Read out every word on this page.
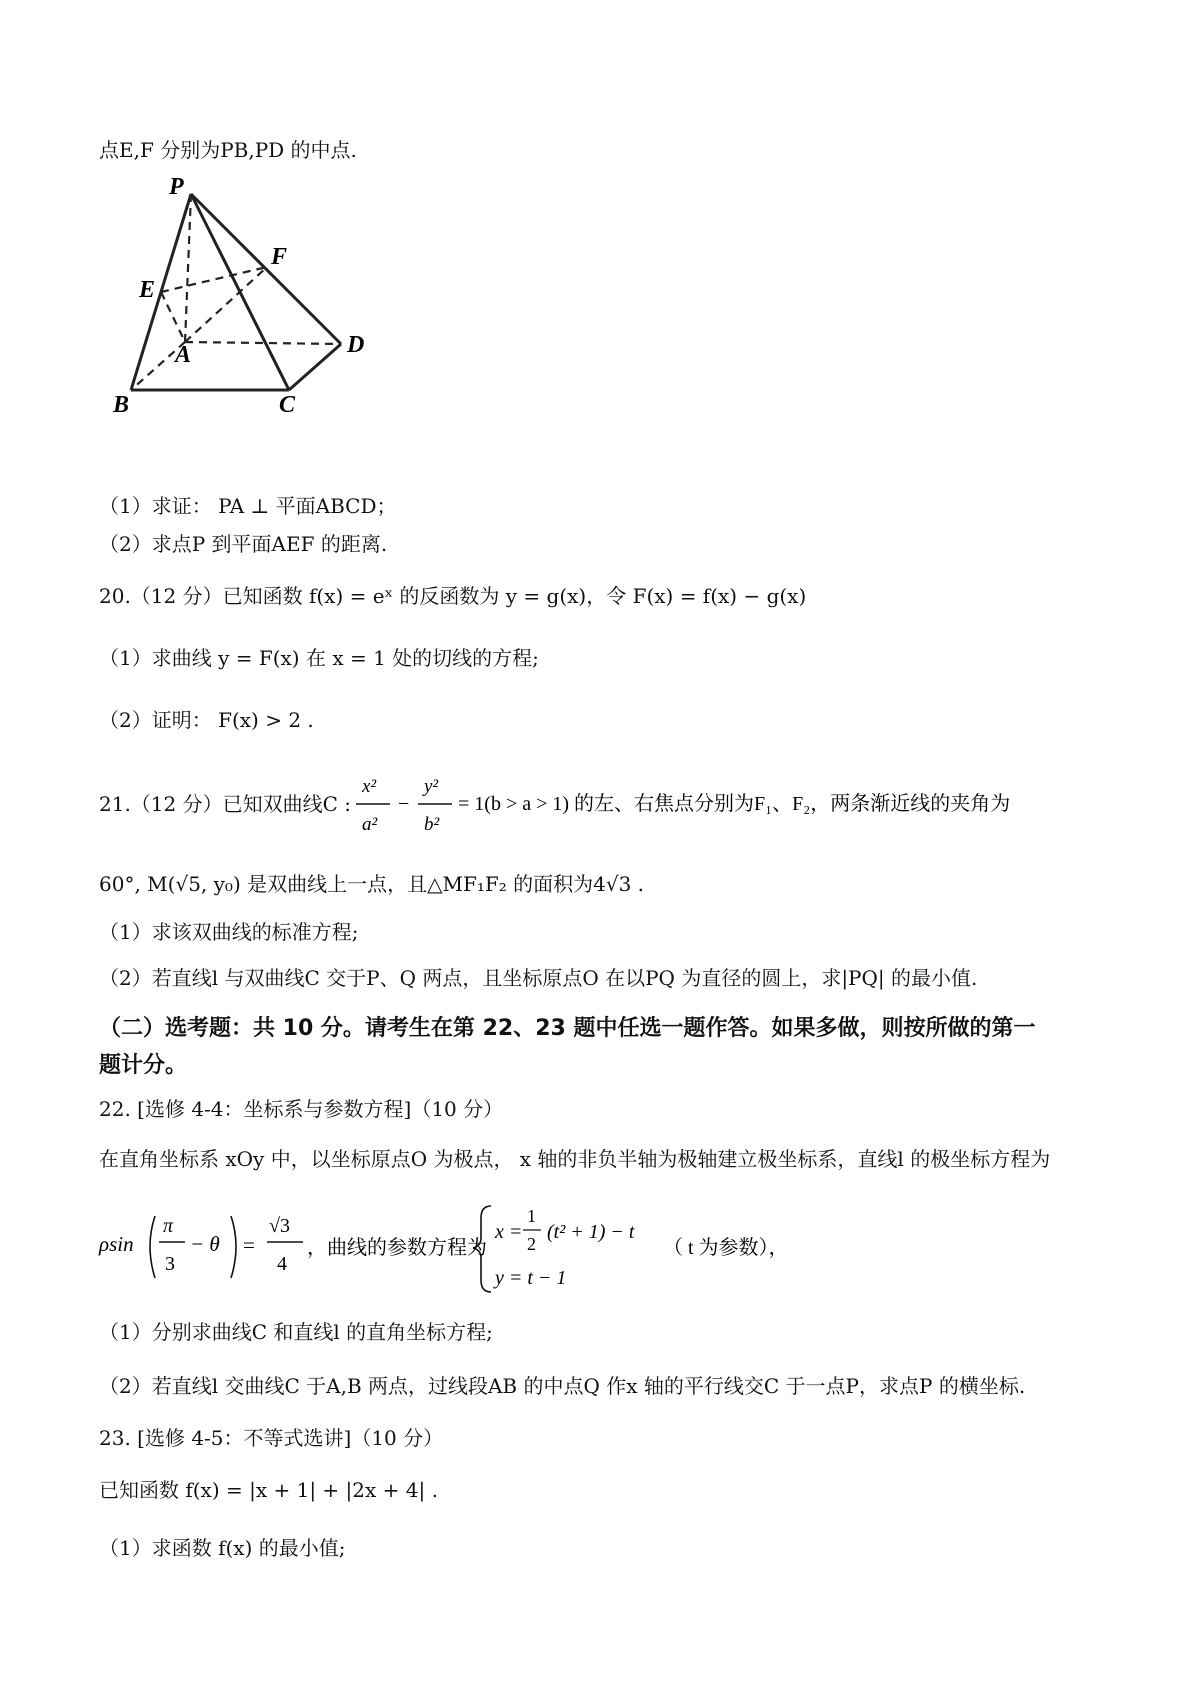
点E,F 分别为PB,PD 的中点.
P
F
E
A	D
B	C
（1）求证： PA ⊥ 平面ABCD；
（2）求点P 到平面AEF 的距离.
20.（12 分）已知函数 f(x) = eˣ 的反函数为 y = g(x)，令 F(x) = f(x) − g(x)
（1）求曲线 y = F(x) 在 x = 1 处的切线的方程;
（2）证明： F(x) > 2 .
21.（12 分）已知双曲线C :
x²
a²
−
y²
b²
= 1(b > a > 1) 的左、右焦点分别为F₁、F₂，两条渐近线的夹角为
60°, M(√5, y₀) 是双曲线上一点，且△MF₁F₂ 的面积为4√3 .
（1）求该双曲线的标准方程;
（2）若直线l 与双曲线C 交于P、Q 两点，且坐标原点O 在以PQ 为直径的圆上，求|PQ| 的最小值.
（二）选考题：共 10 分。请考生在第 22、23 题中任选一题作答。如果多做，则按所做的第一
题计分。
22. [选修 4-4：坐标系与参数方程]（10 分）
在直角坐标系 xOy 中，以坐标原点O 为极点， x 轴的非负半轴为极轴建立极坐标系，直线l 的极坐标方程为
ρsin
π
3
− θ =
√3
4
，曲线的参数方程为
x =
1
2
(t² + 1) − t
y = t − 1
（ t 为参数），
（1）分别求曲线C 和直线l 的直角坐标方程;
（2）若直线l 交曲线C 于A,B 两点，过线段AB 的中点Q 作x 轴的平行线交C 于一点P，求点P 的横坐标.
23. [选修 4-5：不等式选讲]（10 分）
已知函数 f(x) = |x + 1| + |2x + 4| .
（1）求函数 f(x) 的最小值;
